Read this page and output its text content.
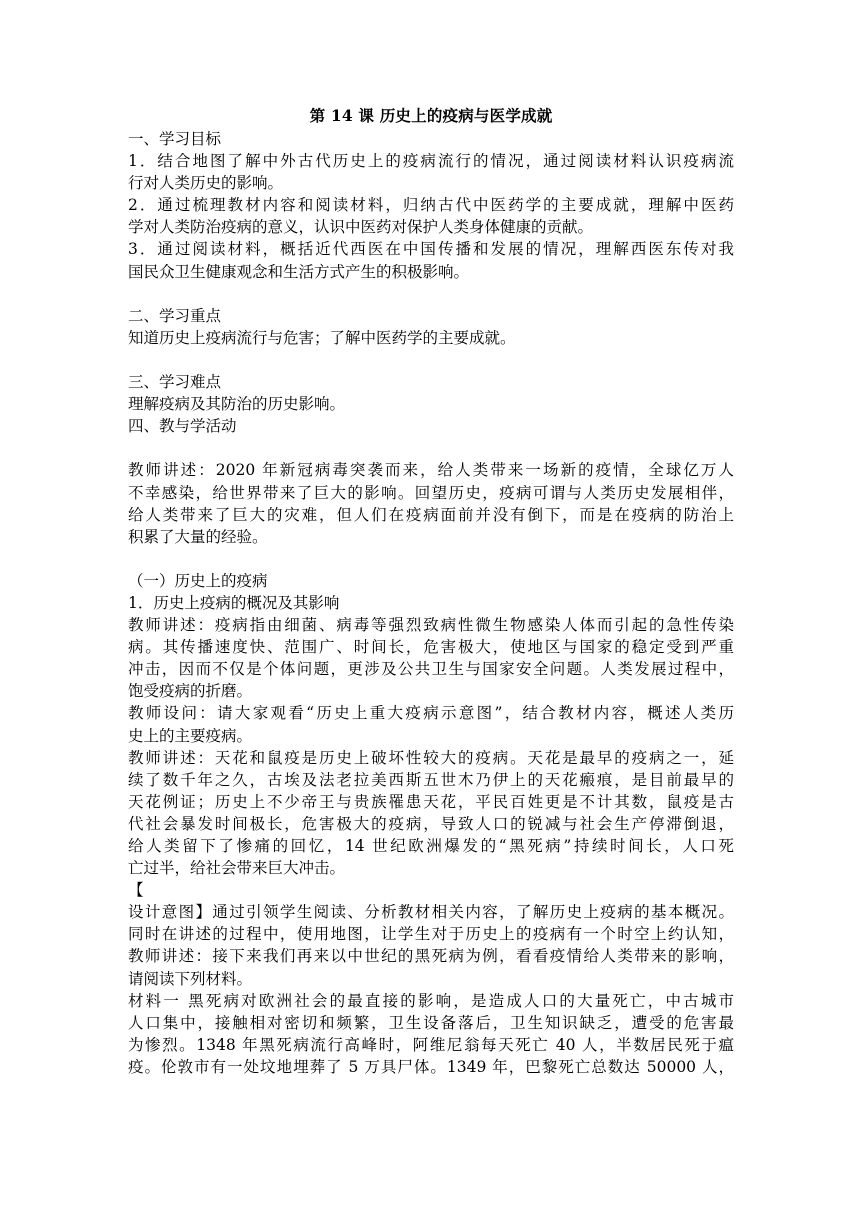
第 14 课 历史上的疫病与医学成就
一、学习目标
1．结合地图了解中外古代历史上的疫病流行的情况，通过阅读材料认识疫病流
行对人类历史的影响。
2．通过梳理教材内容和阅读材料，归纳古代中医药学的主要成就，理解中医药
学对人类防治疫病的意义，认识中医药对保护人类身体健康的贡献。
3．通过阅读材料，概括近代西医在中国传播和发展的情况，理解西医东传对我
国民众卫生健康观念和生活方式产生的积极影响。
二、学习重点
知道历史上疫病流行与危害；了解中医药学的主要成就。
三、学习难点
理解疫病及其防治的历史影响。
四、教与学活动
教师讲述：2020 年新冠病毒突袭而来，给人类带来一场新的疫情，全球亿万人
不幸感染，给世界带来了巨大的影响。回望历史，疫病可谓与人类历史发展相伴，
给人类带来了巨大的灾难，但人们在疫病面前并没有倒下，而是在疫病的防治上
积累了大量的经验。
（一）历史上的疫病
1．历史上疫病的概况及其影响
教师讲述：疫病指由细菌、病毒等强烈致病性微生物感染人体而引起的急性传染
病。其传播速度快、范围广、时间长，危害极大，使地区与国家的稳定受到严重
冲击，因而不仅是个体问题，更涉及公共卫生与国家安全问题。人类发展过程中，
饱受疫病的折磨。
教师设问：请大家观看“历史上重大疫病示意图”，结合教材内容，概述人类历
史上的主要疫病。
教师讲述：天花和鼠疫是历史上破坏性较大的疫病。天花是最早的疫病之一，延
续了数千年之久，古埃及法老拉美西斯五世木乃伊上的天花瘢痕，是目前最早的
天花例证；历史上不少帝王与贵族罹患天花，平民百姓更是不计其数，鼠疫是古
代社会暴发时间极长，危害极大的疫病，导致人口的锐减与社会生产停滞倒退，
给人类留下了惨痛的回忆，14 世纪欧洲爆发的“黑死病”持续时间长，人口死
亡过半，给社会带来巨大冲击。
【
设计意图】通过引领学生阅读、分析教材相关内容，了解历史上疫病的基本概况。
同时在讲述的过程中，使用地图，让学生对于历史上的疫病有一个时空上约认知，
教师讲述：接下来我们再来以中世纪的黑死病为例，看看疫情给人类带来的影响，
请阅读下列材料。
材料一 黑死病对欧洲社会的最直接的影响，是造成人口的大量死亡，中古城市
人口集中，接触相对密切和频繁，卫生设备落后，卫生知识缺乏，遭受的危害最
为惨烈。1348 年黑死病流行高峰时，阿维尼翁每天死亡 40 人，半数居民死于瘟
疫。伦敦市有一处坟地埋葬了 5 万具尸体。1349 年，巴黎死亡总数达 50000 人，
